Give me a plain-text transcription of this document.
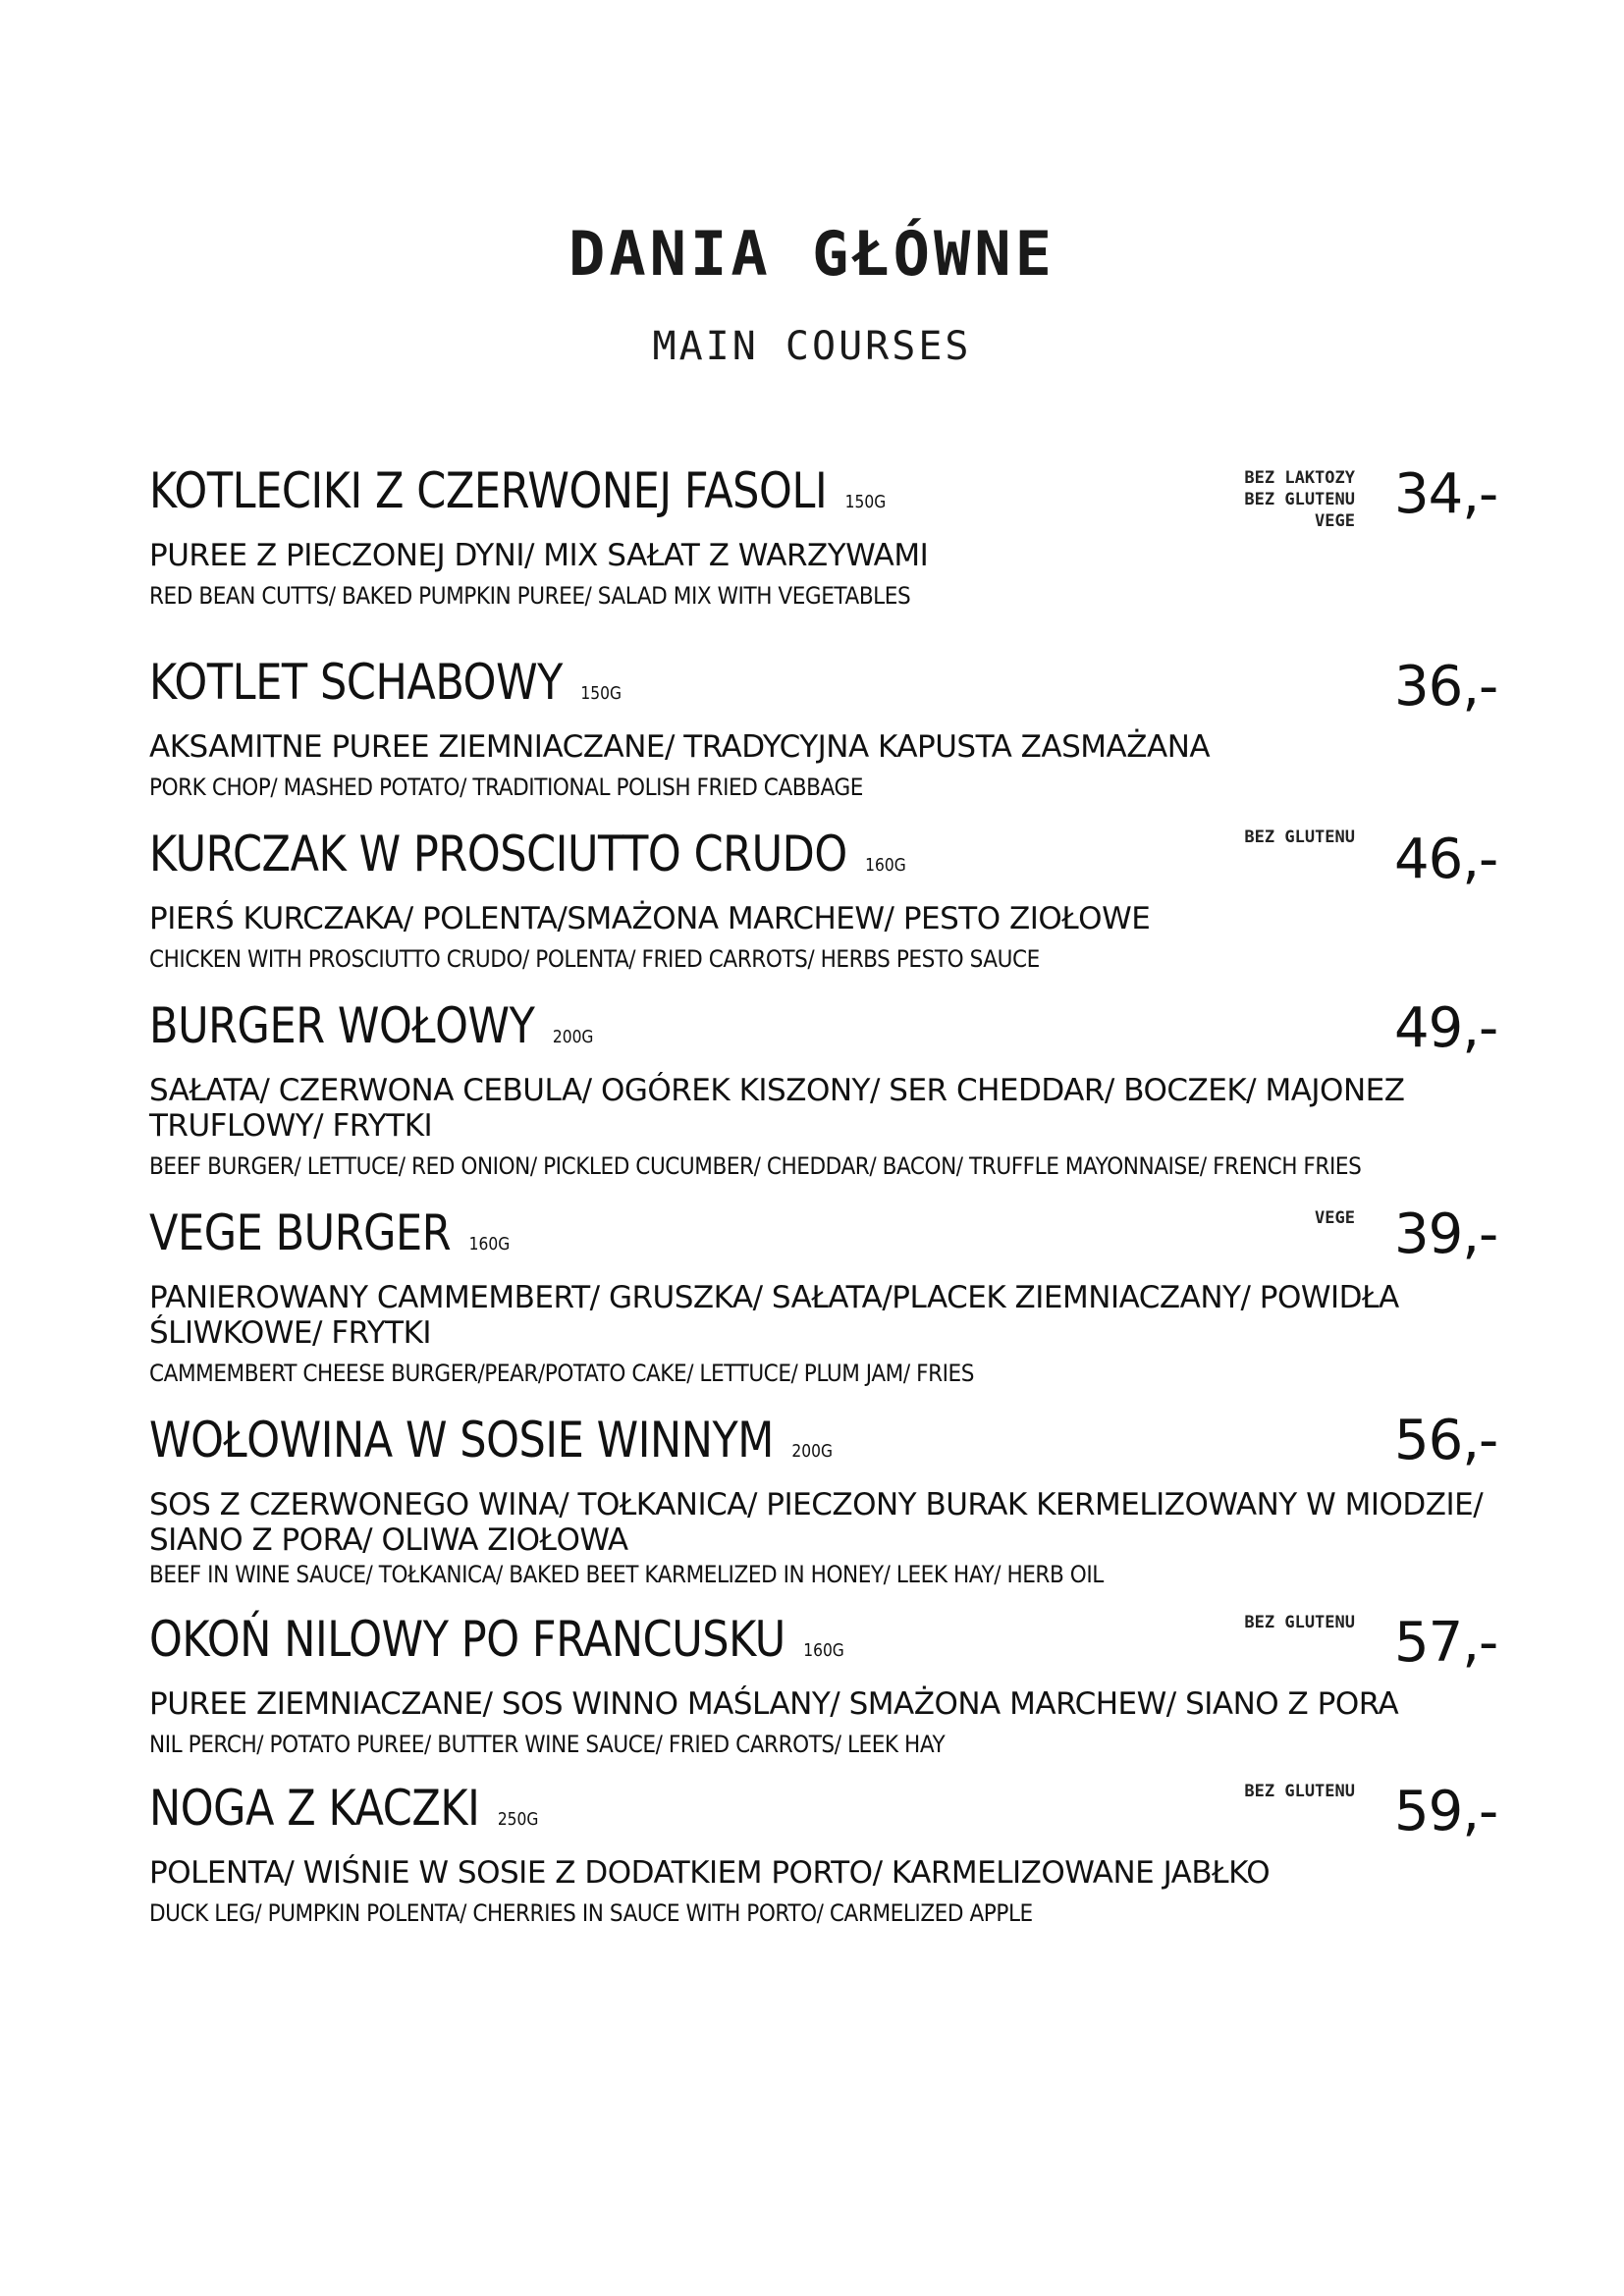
DANIA GŁÓWNE
MAIN COURSES
KOTLECIKI Z CZERWONEJ FASOLI 150G
PUREE Z PIECZONEJ DYNI/ MIX SAŁAT Z WARZYWAMI
RED BEAN CUTTS/ BAKED PUMPKIN PUREE/ SALAD MIX WITH VEGETABLES
BEZ LAKTOZY
BEZ GLUTENU
VEGE 34,-
KOTLET SCHABOWY 150G
AKSAMITNE PUREE ZIEMNIACZANE/ TRADYCYJNA KAPUSTA ZASMAŻANA
PORK CHOP/ MASHED POTATO/ TRADITIONAL POLISH FRIED CABBAGE
36,-
KURCZAK W PROSCIUTTO CRUDO 160G
PIERŚ KURCZAKA/ POLENTA/SMAŻONA MARCHEW/ PESTO ZIOŁOWE
CHICKEN WITH PROSCIUTTO CRUDO/ POLENTA/ FRIED CARROTS/ HERBS PESTO SAUCE
BEZ GLUTENU 46,-
BURGER WOŁOWY 200G
SAŁATA/ CZERWONA CEBULA/ OGÓREK KISZONY/ SER CHEDDAR/ BOCZEK/ MAJONEZ TRUFLOWY/ FRYTKI
BEEF BURGER/ LETTUCE/ RED ONION/ PICKLED CUCUMBER/ CHEDDAR/ BACON/ TRUFFLE MAYONNAISE/ FRENCH FRIES
49,-
VEGE BURGER 160G
PANIEROWANY CAMMEMBERT/ GRUSZKA/ SAŁATA/PLACEK ZIEMNIACZANY/ POWIDŁA ŚLIWKOWE/ FRYTKI
CAMMEMBERT CHEESE BURGER/PEAR/POTATO CAKE/ LETTUCE/ PLUM JAM/ FRIES
VEGE 39,-
WOŁOWINA W SOSIE WINNYM 200G
SOS Z CZERWONEGO WINA/ TOŁKANICA/ PIECZONY BURAK KERMELIZOWANY W MIODZIE/ SIANO Z PORA/ OLIWA ZIOŁOWA
BEEF IN WINE SAUCE/ TOŁKANICA/ BAKED BEET KARMELIZED IN HONEY/ LEEK HAY/ HERB OIL
56,-
OKOŃ NILOWY PO FRANCUSKU 160G
PUREE ZIEMNIACZANE/ SOS WINNO MAŚLANY/ SMAŻONA MARCHEW/ SIANO Z PORA
NIL PERCH/ POTATO PUREE/ BUTTER WINE SAUCE/ FRIED CARROTS/ LEEK HAY
BEZ GLUTENU 57,-
NOGA Z KACZKI 250G
POLENTA/ WIŚNIE W SOSIE Z DODATKIEM PORTO/ KARMELIZOWANE JABŁKO
DUCK LEG/ PUMPKIN POLENTA/ CHERRIES IN SAUCE WITH PORTO/ CARMELIZED APPLE
BEZ GLUTENU 59,-
